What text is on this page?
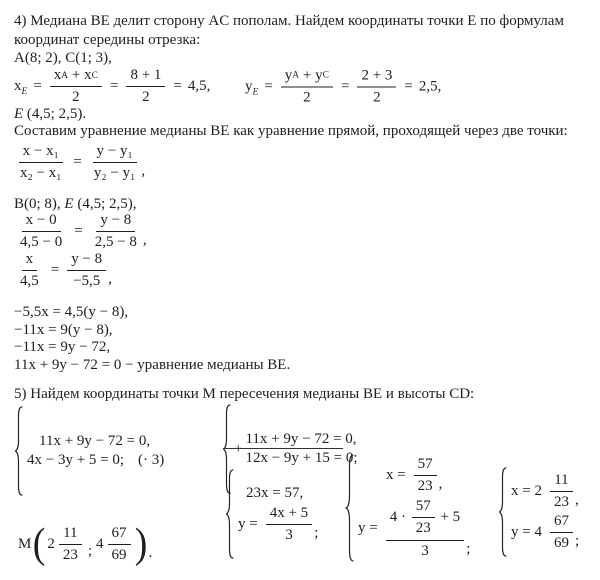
4) Медиана BE делит сторону AC пополам. Найдем координаты точки E по формулам
координат середины отрезка:
A(8; 2), C(1; 3),
$x_E = \frac{\text{x A + x C}}{2} = \frac{8 + 1}{2} = 4,5$, $y_E = \frac{\text{y A + y C}}{2} = \frac{2 + 3}{2} = 2,5$,
E (4,5; 2,5).
Составим уравнение медианы BE как уравнение прямой, проходящей через две точки:
$\frac{\text{x − x₁}}{\text{x₂ − x₁}} = \frac{\text{y − y₁}}{\text{y₂ − y₁}}$ ,
B(0; 8), E (4,5; 2,5),
$\frac{x - 0}{4,5 - 0} = \frac{y - 8}{2,5 - 8}$ ,
$\frac{x}{4,5} = \frac{y - 8}{-5,5}$ ,
−5,5x = 4,5(y − 8),
−11x = 9(y − 8),
−11x = 9y − 72,
11x + 9y − 72 = 0 − уравнение медианы BE.
5) Найдем координаты точки M пересечения медианы BE и высоты CD:
11x + 9y − 72 = 0,
4x − 3y + 5 = 0; (· 3)
+
11x + 9y − 72 = 0,
12x − 9y + 15 = 0;
23x = 57,
$y = \frac{4x + 5}{3}$ ;
$x = \frac{57}{23}$ ,
$y = \frac{4 \cdot \frac{57}{23} + 5}{3}$ ;
$x = 2 \frac{11}{23}$ ,
$y = 4 \frac{67}{69}$ ;
M ( $2 \frac{11}{23}$ ; $4 \frac{67}{69}$ ) .
